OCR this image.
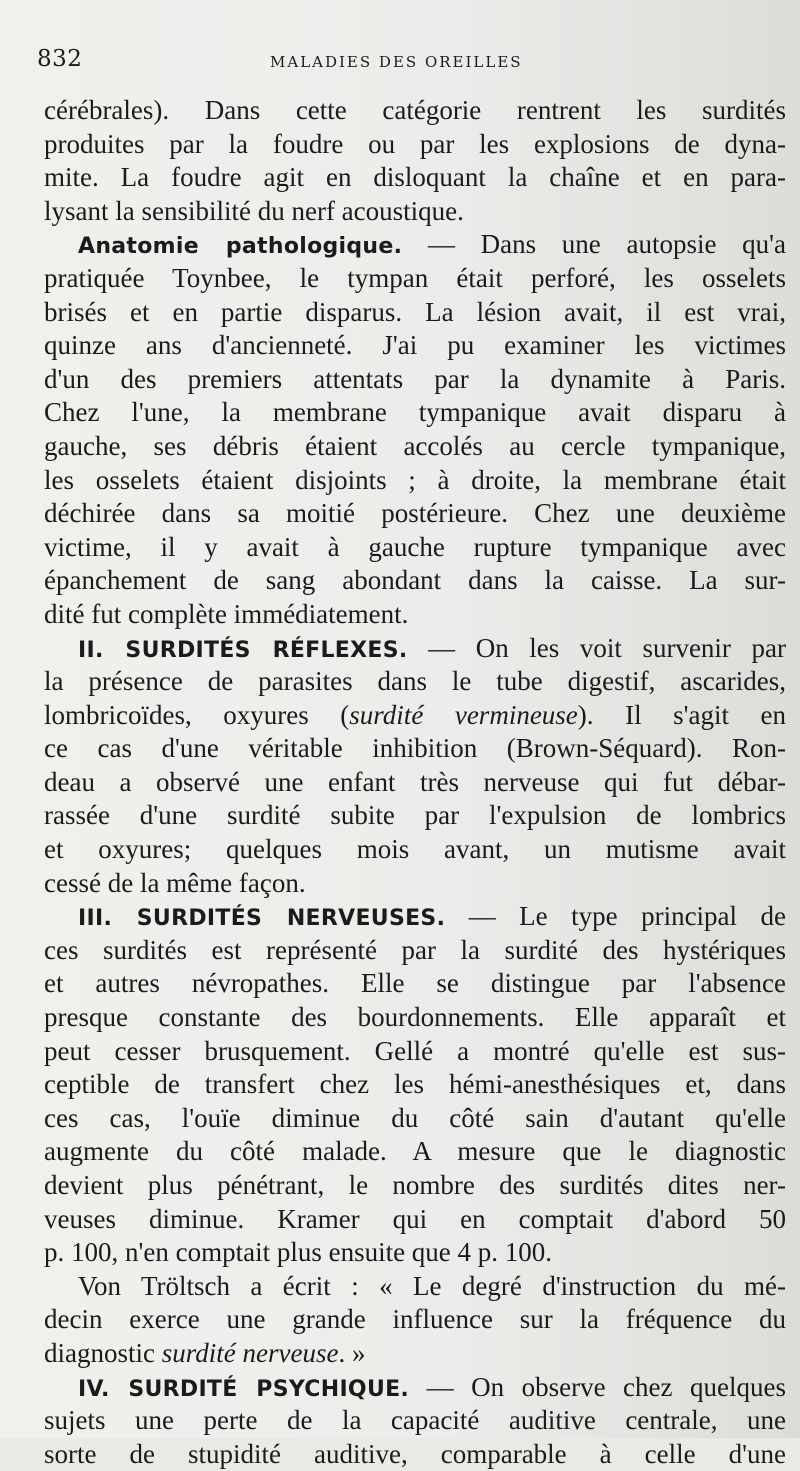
832	MALADIES DES OREILLES
cérébrales). Dans cette catégorie rentrent les surdités
produites par la foudre ou par les explosions de dyna-
mite. La foudre agit en disloquant la chaîne et en para-
lysant la sensibilité du nerf acoustique.
Anatomie pathologique. — Dans une autopsie qu'a
pratiquée Toynbee, le tympan était perforé, les osselets
brisés et en partie disparus. La lésion avait, il est vrai,
quinze ans d'ancienneté. J'ai pu examiner les victimes
d'un des premiers attentats par la dynamite à Paris.
Chez l'une, la membrane tympanique avait disparu à
gauche, ses débris étaient accolés au cercle tympanique,
les osselets étaient disjoints ; à droite, la membrane était
déchirée dans sa moitié postérieure. Chez une deuxième
victime, il y avait à gauche rupture tympanique avec
épanchement de sang abondant dans la caisse. La sur-
dité fut complète immédiatement.
II. SURDITÉS RÉFLEXES. — On les voit survenir par
la présence de parasites dans le tube digestif, ascarides,
lombricoïdes, oxyures (surdité vermineuse). Il s'agit en
ce cas d'une véritable inhibition (Brown-Séquard). Ron-
deau a observé une enfant très nerveuse qui fut débar-
rassée d'une surdité subite par l'expulsion de lombrics
et oxyures; quelques mois avant, un mutisme avait
cessé de la même façon.
III. SURDITÉS NERVEUSES. — Le type principal de
ces surdités est représenté par la surdité des hystériques
et autres névropathes. Elle se distingue par l'absence
presque constante des bourdonnements. Elle apparaît et
peut cesser brusquement. Gellé a montré qu'elle est sus-
ceptible de transfert chez les hémi-anesthésiques et, dans
ces cas, l'ouïe diminue du côté sain d'autant qu'elle
augmente du côté malade. A mesure que le diagnostic
devient plus pénétrant, le nombre des surdités dites ner-
veuses diminue. Kramer qui en comptait d'abord 50
p. 100, n'en comptait plus ensuite que 4 p. 100.
Von Tröltsch a écrit : « Le degré d'instruction du mé-
decin exerce une grande influence sur la fréquence du
diagnostic surdité nerveuse. »
IV. SURDITÉ PSYCHIQUE. — On observe chez quelques
sujets une perte de la capacité auditive centrale, une
sorte de stupidité auditive, comparable à celle d'une
